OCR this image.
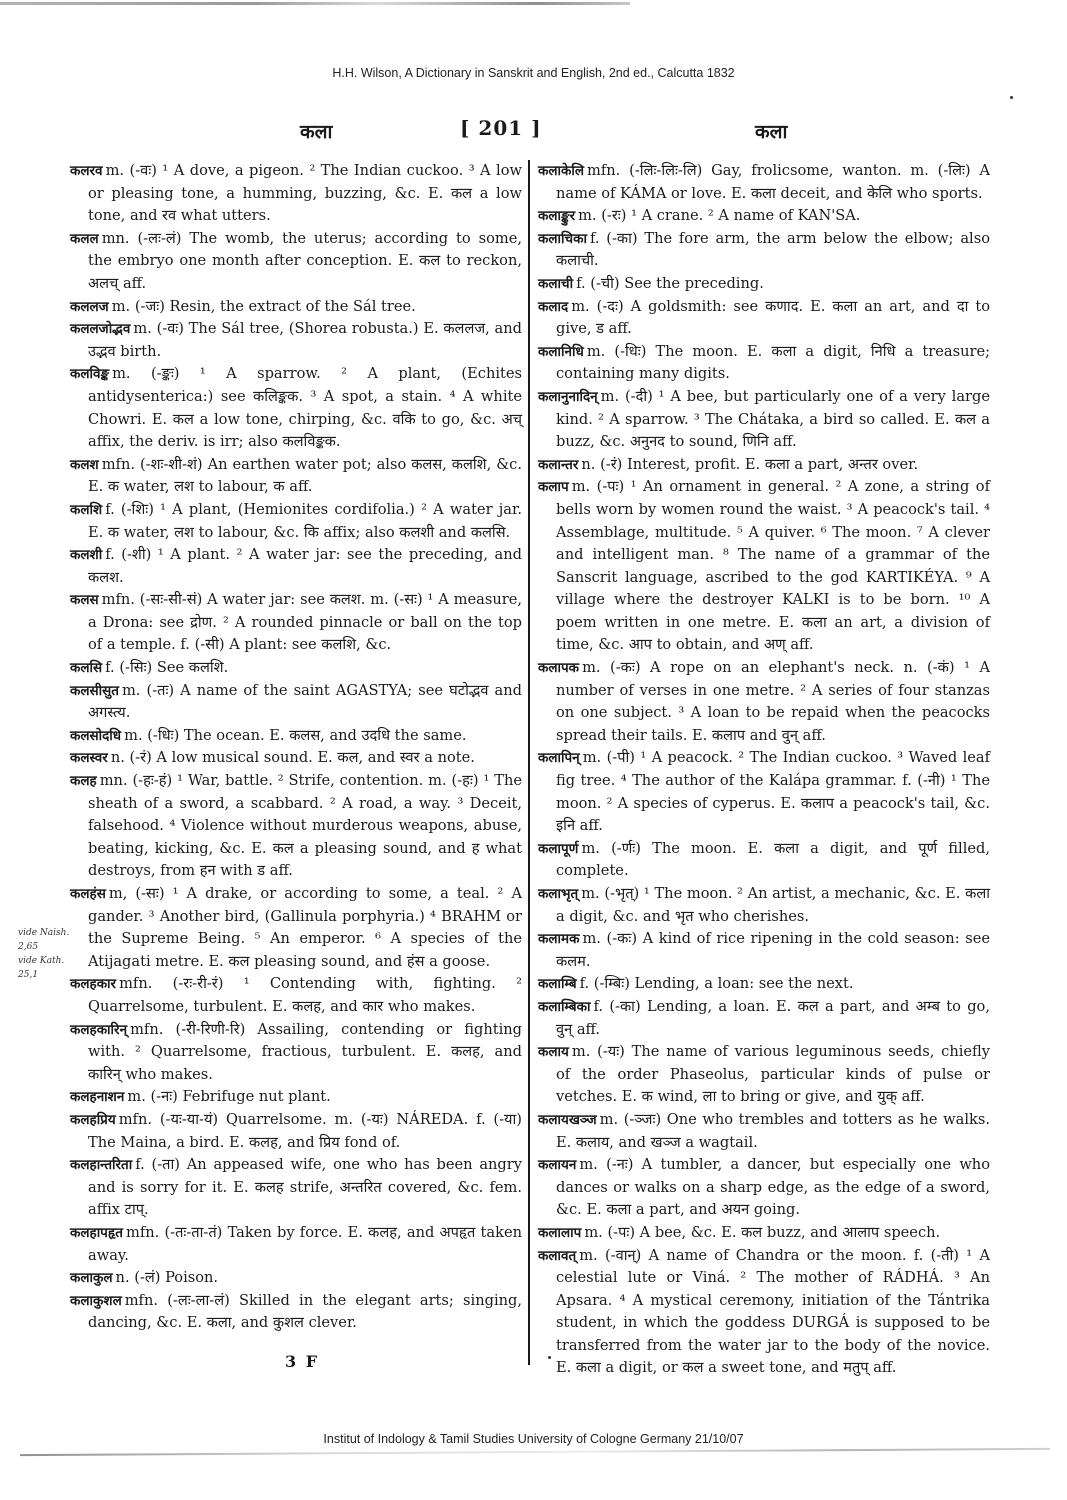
H.H. Wilson, A Dictionary in Sanskrit and English, 2nd ed., Calcutta 1832
कला	[ 201 ]	कला

कलरव m. (-वः) ¹ A dove, a pigeon. ² The Indian cuckoo. ³ A low or pleasing tone, a humming, buzzing, &c. E. कल a low tone, and रव what utters.

कलल mn. (-लः-लं) The womb, the uterus; according to some, the embryo one month after conception. E. कल to reckon, अलच् aff.

कललज m. (-जः) Resin, the extract of the Sál tree.

कललजोद्भव m. (-वः) The Sál tree, (Shorea robusta.) E. कललज, and उद्भव birth.

कलविङ्क m. (-ङ्कः) ¹ A sparrow. ² A plant, (Echites antidysenterica:) see कलिङ्कक. ³ A spot, a stain. ⁴ A white Chowri. E. कल a low tone, chirping, &c. वकि to go, &c. अच् affix, the deriv. is irr; also कलविङ्कक.

कलश mfn. (-शः-शी-शं) An earthen water pot; also कलस, कलशि, &c. E. क water, लश to labour, क aff.

कलशि f. (-शिः) ¹ A plant, (Hemionites cordifolia.) ² A water jar. E. क water, लश to labour, &c. कि affix; also कलशी and कलसि.

कलशी f. (-शी) ¹ A plant. ² A water jar: see the preceding, and कलश.

कलस mfn. (-सः-सी-सं) A water jar: see कलश. m. (-सः) ¹ A measure, a Drona: see द्रोण. ² A rounded pinnacle or ball on the top of a temple. f. (-सी) A plant: see कलशि, &c.

कलसि f. (-सिः) See कलशि.

कलसीसुत m. (-तः) A name of the saint AGASTYA; see घटोद्भव and अगस्त्य.

कलसोदधि m. (-धिः) The ocean. E. कलस, and उदधि the same.

कलस्वर n. (-रं) A low musical sound. E. कल, and स्वर a note.

कलह mn. (-हः-हं) ¹ War, battle. ² Strife, contention. m. (-हः) ¹ The sheath of a sword, a scabbard. ² A road, a way. ³ Deceit, falsehood. ⁴ Violence without murderous weapons, abuse, beating, kicking, &c. E. कल a pleasing sound, and ह what destroys, from हन with ड aff.

कलहंस m, (-सः) ¹ A drake, or according to some, a teal. ² A gander. ³ Another bird, (Gallinula porphyria.) ⁴ BRAHM or the Supreme Being. ⁵ An emperor. ⁶ A species of the Atijagati metre. E. कल pleasing sound, and हंस a goose.

कलहकार mfn. (-रः-री-रं) ¹ Contending with, fighting. ² Quarrelsome, turbulent. E. कलह, and कार who makes.

कलहकारिन् mfn. (-री-रिणी-रि) Assailing, contending or fighting with. ² Quarrelsome, fractious, turbulent. E. कलह, and कारिन् who makes.

कलहनाशन m. (-नः) Febrifuge nut plant.

कलहप्रिय mfn. (-यः-या-यं) Quarrelsome. m. (-यः) NÁREDA. f. (-या) The Maina, a bird. E. कलह, and प्रिय fond of.

कलहान्तरिता f. (-ता) An appeased wife, one who has been angry and is sorry for it. E. कलह strife, अन्तरित covered, &c. fem. affix टाप्.

कलहापहृत mfn. (-तः-ता-तं) Taken by force. E. कलह, and अपहृत taken away.

कलाकुल n. (-लं) Poison.

कलाकुशल mfn. (-लः-ला-लं) Skilled in the elegant arts; singing, dancing, &c. E. कला, and कुशल clever.

कलाकेलि mfn. (-लिः-लिः-लि) Gay, frolicsome, wanton. m. (-लिः) A name of KÁMA or love. E. कला deceit, and केलि who sports.

कलाङ्कुर m. (-रः) ¹ A crane. ² A name of KAN'SA.

कलाचिका f. (-का) The fore arm, the arm below the elbow; also कलाची.

कलाची f. (-ची) See the preceding.

कलाद m. (-दः) A goldsmith: see कणाद. E. कला an art, and दा to give, ड aff.

कलानिधि m. (-धिः) The moon. E. कला a digit, निधि a treasure; containing many digits.

कलानुनादिन् m. (-दी) ¹ A bee, but particularly one of a very large kind. ² A sparrow. ³ The Chátaka, a bird so called. E. कल a buzz, &c. अनुनद to sound, णिनि aff.

कलान्तर n. (-रं) Interest, profit. E. कला a part, अन्तर over.

कलाप m. (-पः) ¹ An ornament in general. ² A zone, a string of bells worn by women round the waist. ³ A peacock's tail. ⁴ Assemblage, multitude. ⁵ A quiver. ⁶ The moon. ⁷ A clever and intelligent man. ⁸ The name of a grammar of the Sanscrit language, ascribed to the god KARTIKÉYA. ⁹ A village where the destroyer KALKI is to be born. ¹⁰ A poem written in one metre. E. कला an art, a division of time, &c. आप to obtain, and अण् aff.

कलापक m. (-कः) A rope on an elephant's neck. n. (-कं) ¹ A number of verses in one metre. ² A series of four stanzas on one subject. ³ A loan to be repaid when the peacocks spread their tails. E. कलाप and वुन् aff.

कलापिन् m. (-पी) ¹ A peacock. ² The Indian cuckoo. ³ Waved leaf fig tree. ⁴ The author of the Kalápa grammar. f. (-नी) ¹ The moon. ² A species of cyperus. E. कलाप a peacock's tail, &c. इनि aff.

कलापूर्ण m. (-र्णः) The moon. E. कला a digit, and पूर्ण filled, complete.

कलाभृत् m. (-भृत्) ¹ The moon. ² An artist, a mechanic, &c. E. कला a digit, &c. and भृत who cherishes.

कलामक m. (-कः) A kind of rice ripening in the cold season: see कलम.

कलाम्बि f. (-म्बिः) Lending, a loan: see the next.

कलाम्बिका f. (-का) Lending, a loan. E. कल a part, and अम्ब to go, वुन् aff.

कलाय m. (-यः) The name of various leguminous seeds, chiefly of the order Phaseolus, particular kinds of pulse or vetches. E. क wind, ला to bring or give, and युक् aff.

कलायखञ्ज m. (-ञ्जः) One who trembles and totters as he walks. E. कलाय, and खञ्ज a wagtail.

कलायन m. (-नः) A tumbler, a dancer, but especially one who dances or walks on a sharp edge, as the edge of a sword, &c. E. कला a part, and अयन going.

कलालाप m. (-पः) A bee, &c. E. कल buzz, and आलाप speech.

कलावत् m. (-वान्) A name of Chandra or the moon. f. (-ती) ¹ A celestial lute or Viná. ² The mother of RÁDHÁ. ³ An Apsara. ⁴ A mystical ceremony, initiation of the Tántrika student, in which the goddess DURGÁ is supposed to be transferred from the water jar to the body of the novice. E. कला a digit, or कल a sweet tone, and मतुप् aff.

vide Naish. 2,65
vide Kath. 25,1
3 F
Institut of Indology & Tamil Studies University of Cologne Germany 21/10/07
